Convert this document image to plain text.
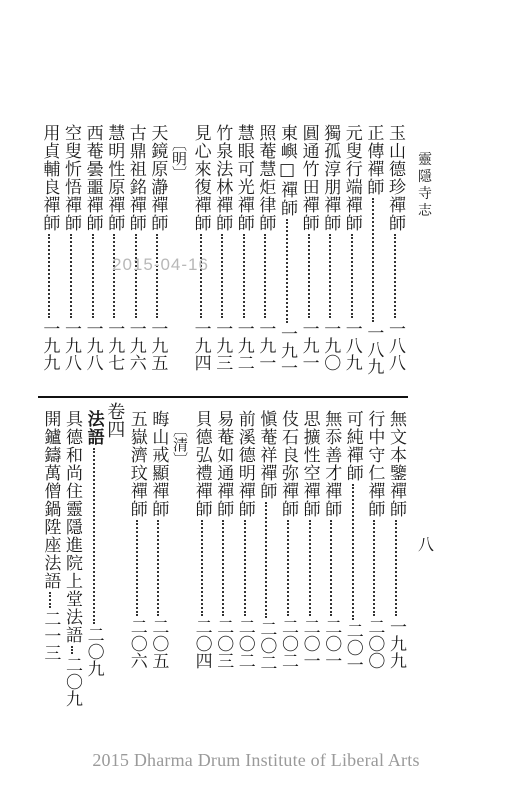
靈
隱
寺
志
八
玉山德珍禪師
一八八
正傳禪師
一八九
元叟行端禪師
一八九
獨孤淳朋禪師
一九〇
圓通竹田禪師
一九一
東嶼□禪師
一九一
照菴慧炬律師
一九一
慧眼可光禪師
一九二
竹泉法林禪師
一九三
見心來復禪師
一九四
〔明〕
天鏡原瀞禪師
一九五
古鼎祖銘禪師
一九六
慧明性原禪師
一九七
西菴曇噩禪師
一九八
空叟忻悟禪師
一九八
用貞輔良禪師
一九九
無文本鑒禪師
一九九
行中守仁禪師
二〇〇
可純禪師
二〇一
無忝善才禪師
二〇一
思擴性空禪師
二〇一
伎石良弥禪師
二〇二
愼菴祥禪師
二〇二
前溪德明禪師
二〇二
易菴如通禪師
二〇三
貝德弘禮禪師
二〇四
〔清〕
晦山戒顯禪師
二〇五
五嶽濟玟禪師
二〇六
卷四
法語
二〇九
具德和尚住靈隱進院上堂法語
二〇九
開鑪鑄萬僧鍋陞座法語
二一三
2015-04-16
2015 Dharma Drum Institute of Liberal Arts
